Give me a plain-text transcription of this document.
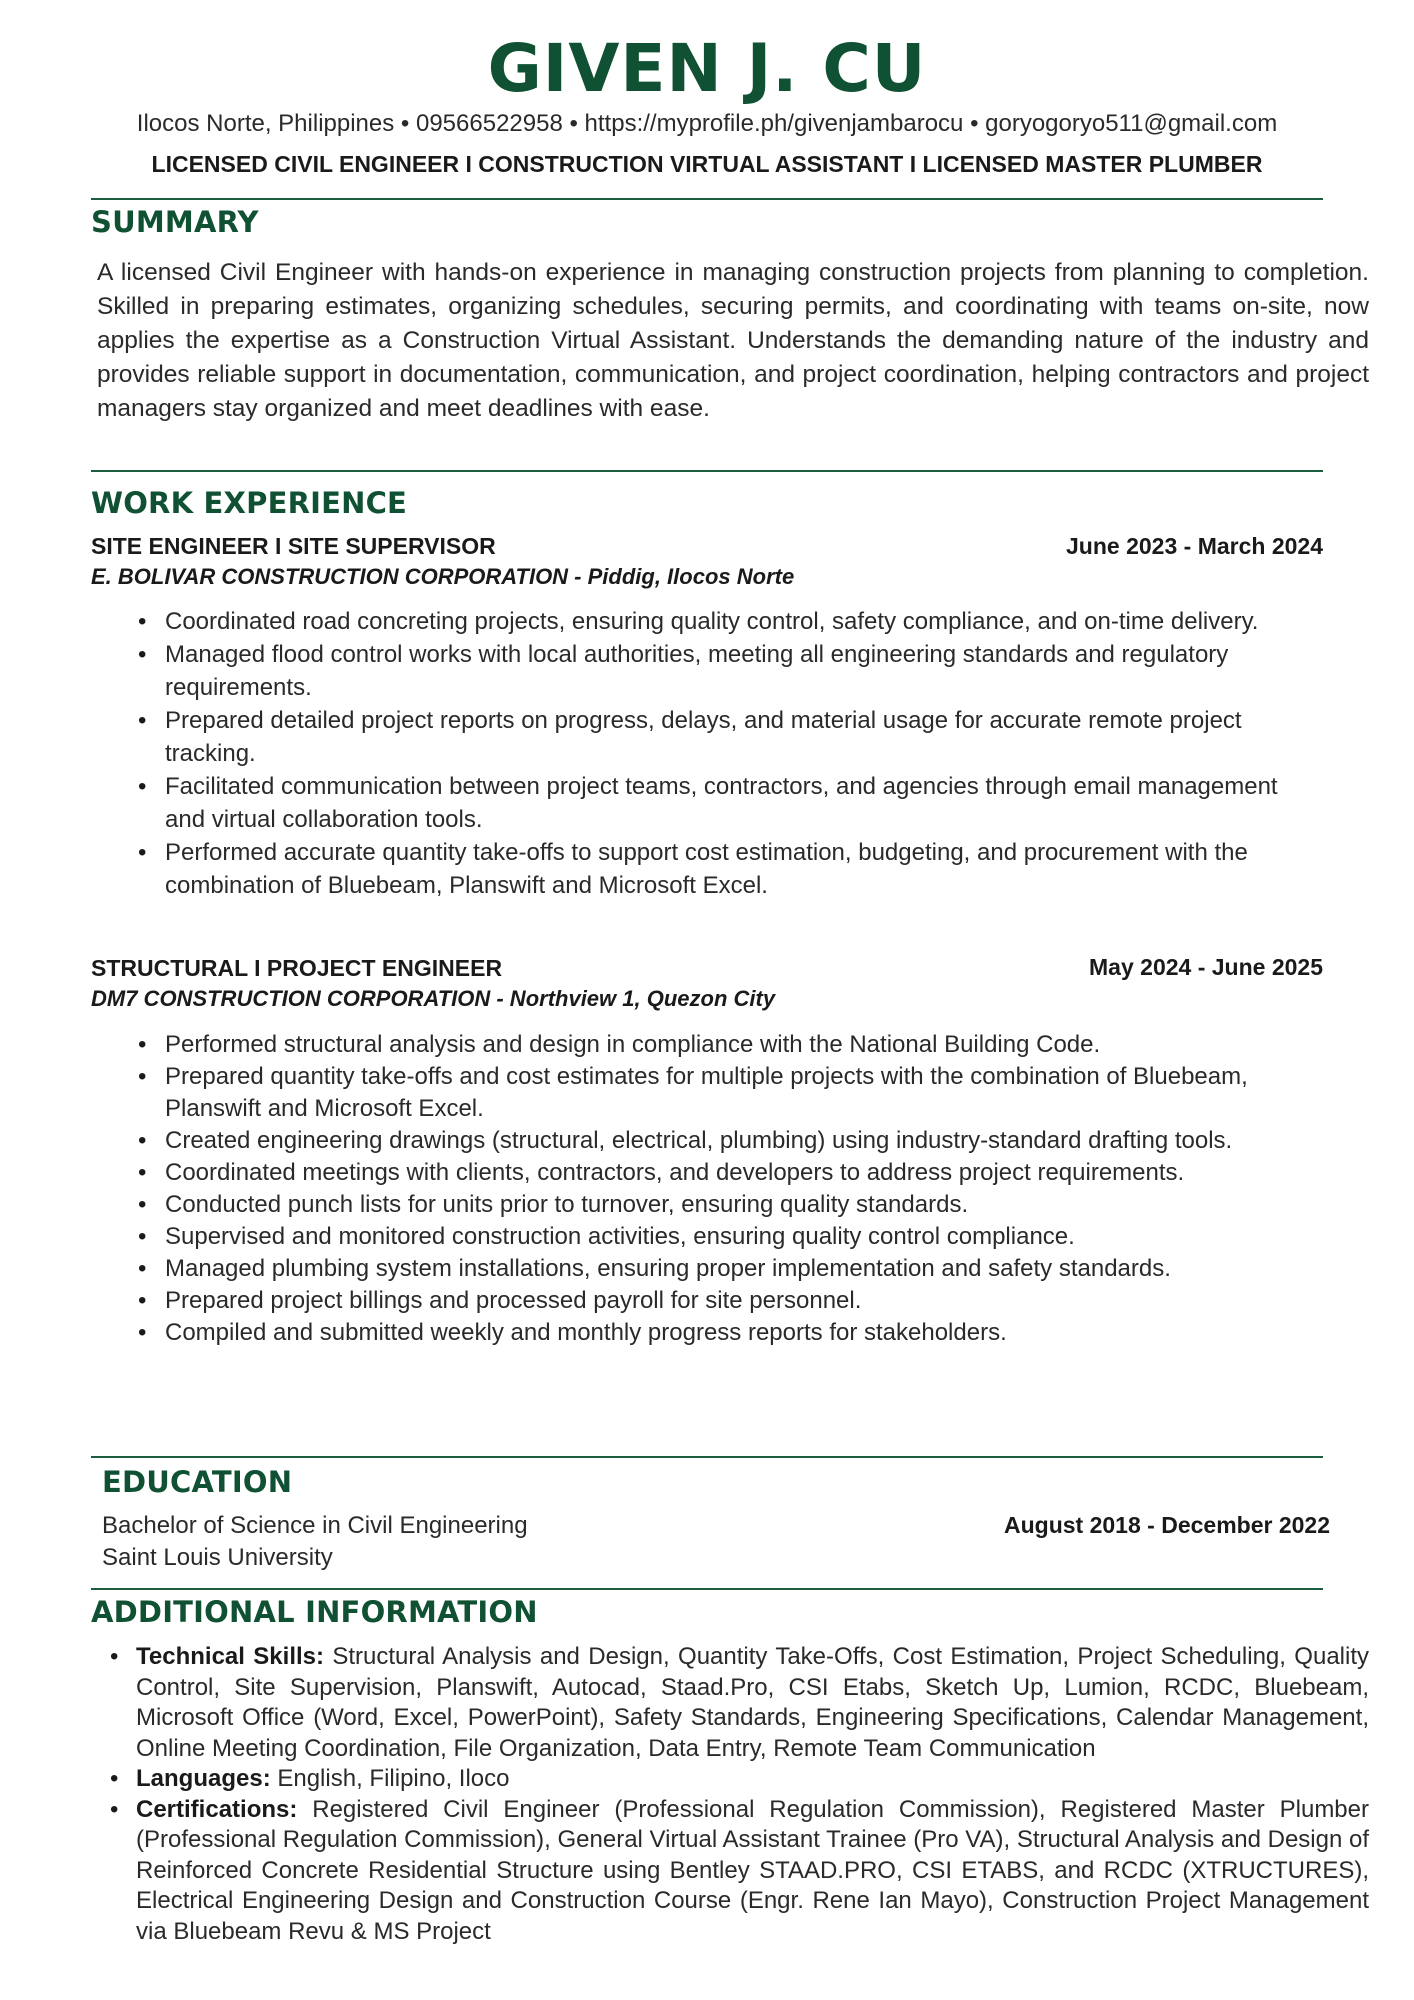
GIVEN J. CU
Ilocos Norte, Philippines • 09566522958 • https://myprofile.ph/givenjambarocu • goryogoryo511@gmail.com
LICENSED CIVIL ENGINEER I CONSTRUCTION VIRTUAL ASSISTANT I LICENSED MASTER PLUMBER
SUMMARY
A licensed Civil Engineer with hands-on experience in managing construction projects from planning to completion. Skilled in preparing estimates, organizing schedules, securing permits, and coordinating with teams on-site, now applies the expertise as a Construction Virtual Assistant. Understands the demanding nature of the industry and provides reliable support in documentation, communication, and project coordination, helping contractors and project managers stay organized and meet deadlines with ease.
WORK EXPERIENCE
SITE ENGINEER I SITE SUPERVISOR	June 2023 - March 2024
E. BOLIVAR CONSTRUCTION CORPORATION - Piddig, Ilocos Norte
• Coordinated road concreting projects, ensuring quality control, safety compliance, and on-time delivery.
• Managed flood control works with local authorities, meeting all engineering standards and regulatory requirements.
• Prepared detailed project reports on progress, delays, and material usage for accurate remote project tracking.
• Facilitated communication between project teams, contractors, and agencies through email management and virtual collaboration tools.
• Performed accurate quantity take-offs to support cost estimation, budgeting, and procurement with the combination of Bluebeam, Planswift and Microsoft Excel.
STRUCTURAL I PROJECT ENGINEER	May 2024 - June 2025
DM7 CONSTRUCTION CORPORATION - Northview 1, Quezon City
• Performed structural analysis and design in compliance with the National Building Code.
• Prepared quantity take-offs and cost estimates for multiple projects with the combination of Bluebeam, Planswift and Microsoft Excel.
• Created engineering drawings (structural, electrical, plumbing) using industry-standard drafting tools.
• Coordinated meetings with clients, contractors, and developers to address project requirements.
• Conducted punch lists for units prior to turnover, ensuring quality standards.
• Supervised and monitored construction activities, ensuring quality control compliance.
• Managed plumbing system installations, ensuring proper implementation and safety standards.
• Prepared project billings and processed payroll for site personnel.
• Compiled and submitted weekly and monthly progress reports for stakeholders.
EDUCATION
Bachelor of Science in Civil Engineering
Saint Louis University
August 2018 - December 2022
ADDITIONAL INFORMATION
• Technical Skills: Structural Analysis and Design, Quantity Take-Offs, Cost Estimation, Project Scheduling, Quality Control, Site Supervision, Planswift, Autocad, Staad.Pro, CSI Etabs, Sketch Up, Lumion, RCDC, Bluebeam, Microsoft Office (Word, Excel, PowerPoint), Safety Standards, Engineering Specifications, Calendar Management, Online Meeting Coordination, File Organization, Data Entry, Remote Team Communication
• Languages: English, Filipino, Iloco
• Certifications: Registered Civil Engineer (Professional Regulation Commission), Registered Master Plumber (Professional Regulation Commission), General Virtual Assistant Trainee (Pro VA), Structural Analysis and Design of Reinforced Concrete Residential Structure using Bentley STAAD.PRO, CSI ETABS, and RCDC (XTRUCTURES), Electrical Engineering Design and Construction Course (Engr. Rene Ian Mayo), Construction Project Management via Bluebeam Revu & MS Project
